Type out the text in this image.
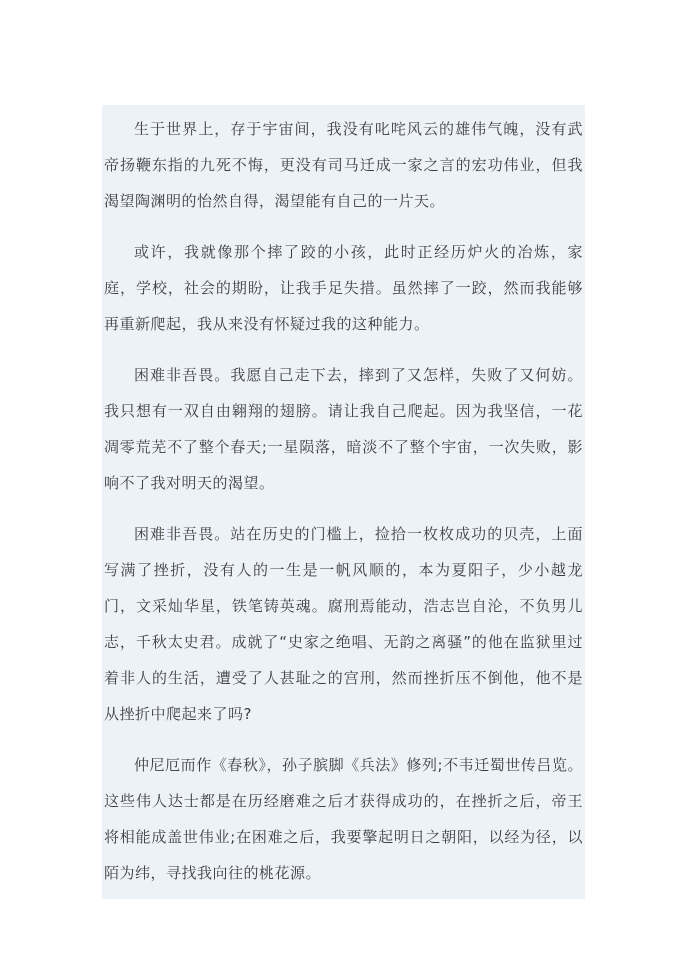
生于世界上，存于宇宙间，我没有叱咤风云的雄伟气魄，没有武帝扬鞭东指的九死不悔，更没有司马迁成一家之言的宏功伟业，但我渴望陶渊明的怡然自得，渴望能有自己的一片天。

或许，我就像那个摔了跤的小孩，此时正经历炉火的冶炼，家庭，学校，社会的期盼，让我手足失措。虽然摔了一跤，然而我能够再重新爬起，我从来没有怀疑过我的这种能力。

困难非吾畏。我愿自己走下去，摔到了又怎样，失败了又何妨。我只想有一双自由翱翔的翅膀。请让我自己爬起。因为我坚信，一花凋零荒芜不了整个春天;一星陨落，暗淡不了整个宇宙，一次失败，影响不了我对明天的渴望。

困难非吾畏。站在历史的门槛上，捡拾一枚枚成功的贝壳，上面写满了挫折，没有人的一生是一帆风顺的，本为夏阳子，少小越龙门，文采灿华星，铁笔铸英魂。腐刑焉能动，浩志岂自沦，不负男儿志，千秋太史君。成就了“史家之绝唱、无韵之离骚”的他在监狱里过着非人的生活，遭受了人甚耻之的宫刑，然而挫折压不倒他，他不是从挫折中爬起来了吗?

仲尼厄而作《春秋》，孙子膑脚《兵法》修列;不韦迁蜀世传吕览。这些伟人达士都是在历经磨难之后才获得成功的，在挫折之后，帝王将相能成盖世伟业;在困难之后，我要擎起明日之朝阳，以经为径，以陌为纬，寻找我向往的桃花源。
